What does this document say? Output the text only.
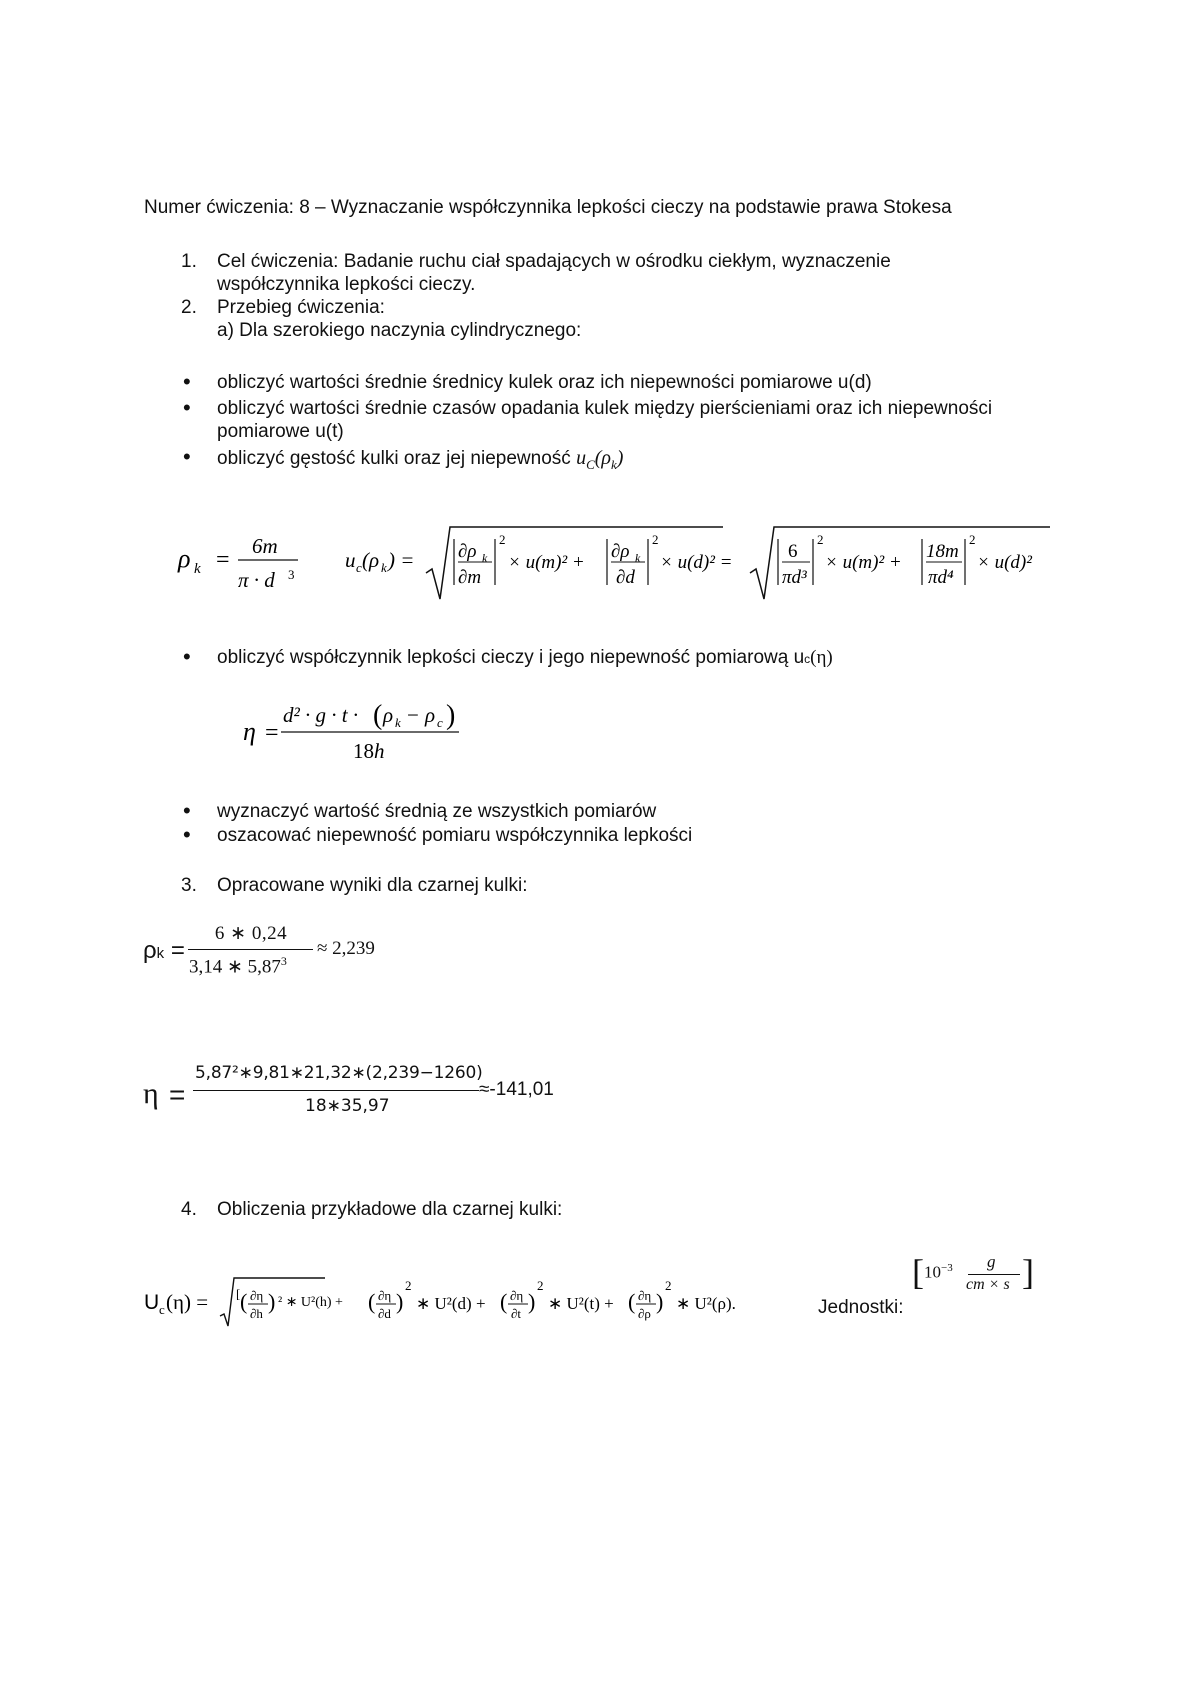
Numer ćwiczenia: 8 – Wyznaczanie współczynnika lepkości cieczy na podstawie prawa Stokesa
1. Cel ćwiczenia: Badanie ruchu ciał spadających w ośrodku ciekłym, wyznaczenie
współczynnika lepkości cieczy.
2. Przebieg ćwiczenia:
a) Dla szerokiego naczynia cylindrycznego:
• obliczyć wartości średnie średnicy kulek oraz ich niepewności pomiarowe u(d)
• obliczyć wartości średnie czasów opadania kulek między pierścieniami oraz ich niepewności
pomiarowe u(t)
• obliczyć gęstość kulki oraz jej niepewność $u_C(\rho_k)$
ρ k =
6m
π · d 3
u c (ρ k ) = ∂ρ k
∂m
2
× u(m)² +
∂ρ k
∂d
2
× u(d)² =
6
πd³
2
× u(m)² +
18m
πd⁴
2
× u(d)²
• obliczyć współczynnik lepkości cieczy i jego niepewność pomiarową uc(η)
η =
d² · g · t · ( ρ k − ρ c )
18h
• wyznaczyć wartość średnią ze wszystkich pomiarów
• oszacować niepewność pomiaru współczynnika lepkości
3. Opracowane wyniki dla czarnej kulki:
ρk =
6 ∗ 0,24
3,14 ∗ $5,87^3$
≈ 2,239
η =
5,87²∗9,81∗21,32∗(2,239−1260)
18∗35,97
≈-141,01
4. Obliczenia przykładowe dla czarnej kulki:
U c (η) = [ ( ∂η
∂h ) ² ∗ U²(h) + ( ∂η
∂d )
2
∗ U²(d) + ( ∂η
∂t )
2
∗ U²(t) + ( ∂η
∂ρ )
2
∗ U²(ρ).	Jednostki:
[ $10^{-3}$ g
cm × s ]
